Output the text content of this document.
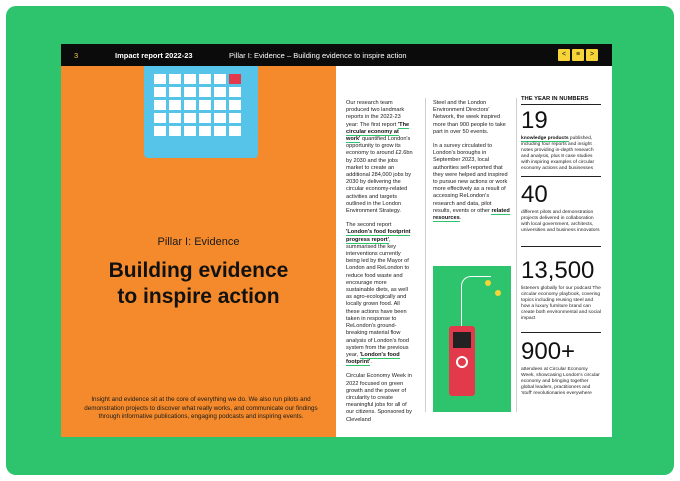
3	Impact report 2022-23	Pillar I: Evidence – Building evidence to inspire action	<	≡	>
Pillar I: Evidence
Building evidence
to inspire action
Insight and evidence sit at the core of everything we do. We also run pilots and demonstration projects to discover what really works, and communicate our findings through informative publications, engaging podcasts and inspiring events.

Our research team produced two landmark reports in the 2022-23 year: The first report 'The circular economy at work' quantified London's opportunity to grow its economy to around £2.6bn by 2030 and the jobs market to create an additional 284,000 jobs by 2030 by delivering the circular economy-related activities and targets outlined in the London Environment Strategy.

The second report 'London's food footprint progress report', summarised the key interventions currently being led by the Mayor of London and ReLondon to reduce food waste and encourage more sustainable diets, as well as agro-ecologically and locally grown food. All these actions have been taken in response to ReLondon's ground-breaking material flow analysis of London's food system from the previous year, 'London's food footprint'.

Circular Economy Week in 2022 focused on green growth and the power of circularity to create meaningful jobs for all of our citizens. Sponsored by Cleveland

Steel and the London Environment Directors' Network, the week inspired more than 900 people to take part in over 50 events.

In a survey circulated to London's boroughs in September 2023, local authorities self-reported that they were helped and inspired to pursue new actions or work more effectively as a result of accessing ReLondon's research and data, pilot results, events or other related resources.

THE YEAR IN NUMBERS
19
knowledge products published, including four reports and insight notes providing in-depth research and analysis, plus 8 case studies with inspiring examples of circular economy actions and businesses
40
different pilots and demonstration projects delivered in collaboration with local government, architects, universities and business innovators
13,500
listeners globally for our podcast The circular economy playbook, covering topics including reusing steel and how a luxury furniture brand can create both environmental and social impact
900+
attendees at Circular Economy Week, showcasing London's circular economy and bringing together global leaders, practitioners and 'stuff' revolutionaries everywhere
